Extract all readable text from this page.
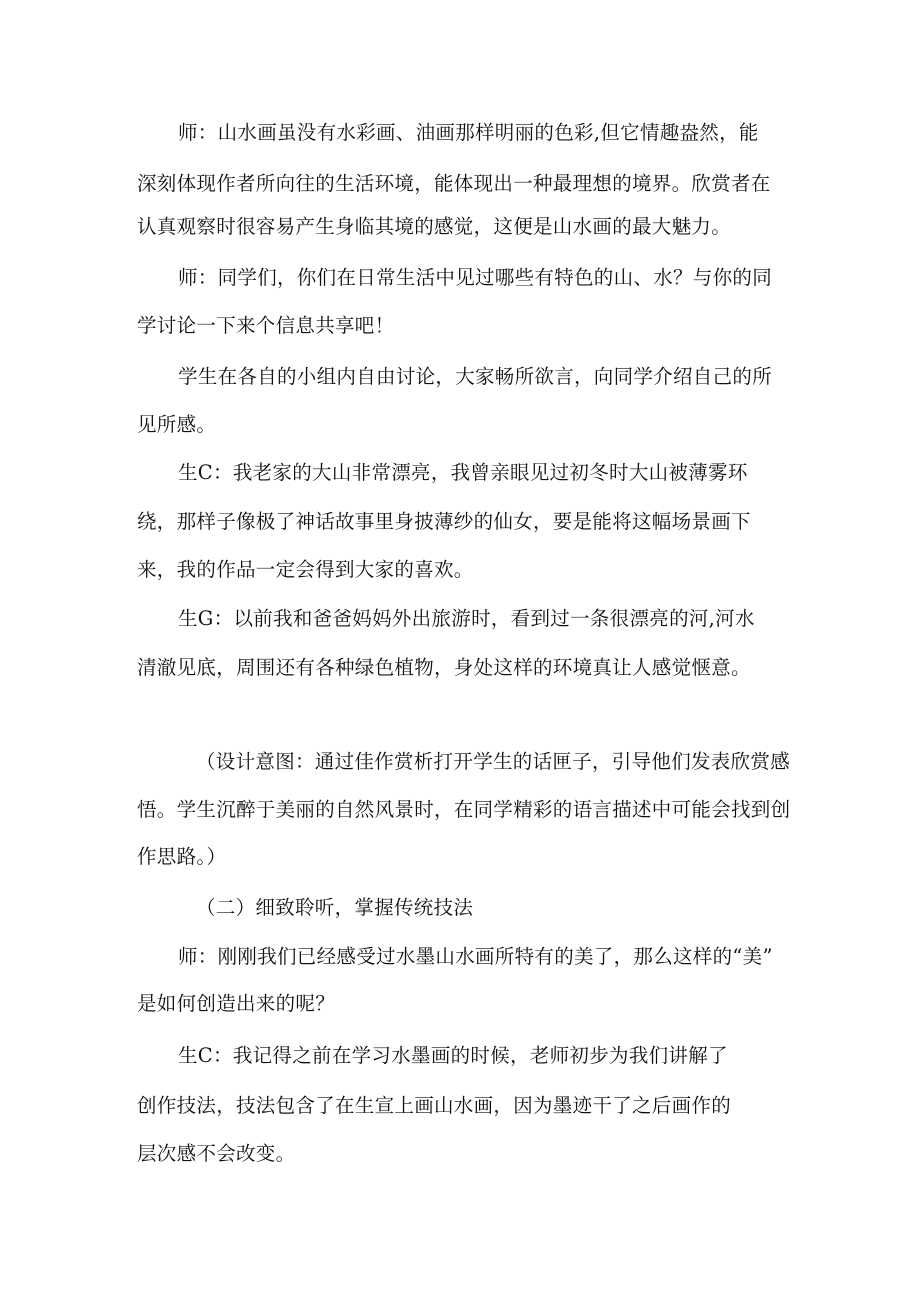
师：山水画虽没有水彩画、油画那样明丽的色彩,但它情趣盎然，能
深刻体现作者所向往的生活环境，能体现出一种最理想的境界。欣赏者在
认真观察时很容易产生身临其境的感觉，这便是山水画的最大魅力。
师：同学们，你们在日常生活中见过哪些有特色的山、水？与你的同
学讨论一下来个信息共享吧！
学生在各自的小组内自由讨论，大家畅所欲言，向同学介绍自己的所
见所感。
生C：我老家的大山非常漂亮，我曾亲眼见过初冬时大山被薄雾环
绕，那样子像极了神话故事里身披薄纱的仙女，要是能将这幅场景画下
来，我的作品一定会得到大家的喜欢。
生G：以前我和爸爸妈妈外出旅游时，看到过一条很漂亮的河,河水
清澈见底，周围还有各种绿色植物，身处这样的环境真让人感觉惬意。
（设计意图：通过佳作赏析打开学生的话匣子，引导他们发表欣赏感
悟。学生沉醉于美丽的自然风景时，在同学精彩的语言描述中可能会找到创
作思路。）
（二）细致聆听，掌握传统技法
师：刚刚我们已经感受过水墨山水画所特有的美了，那么这样的“美”
是如何创造出来的呢？
生C：我记得之前在学习水墨画的时候，老师初步为我们讲解了
创作技法，技法包含了在生宣上画山水画，因为墨迹干了之后画作的
层次感不会改变。
